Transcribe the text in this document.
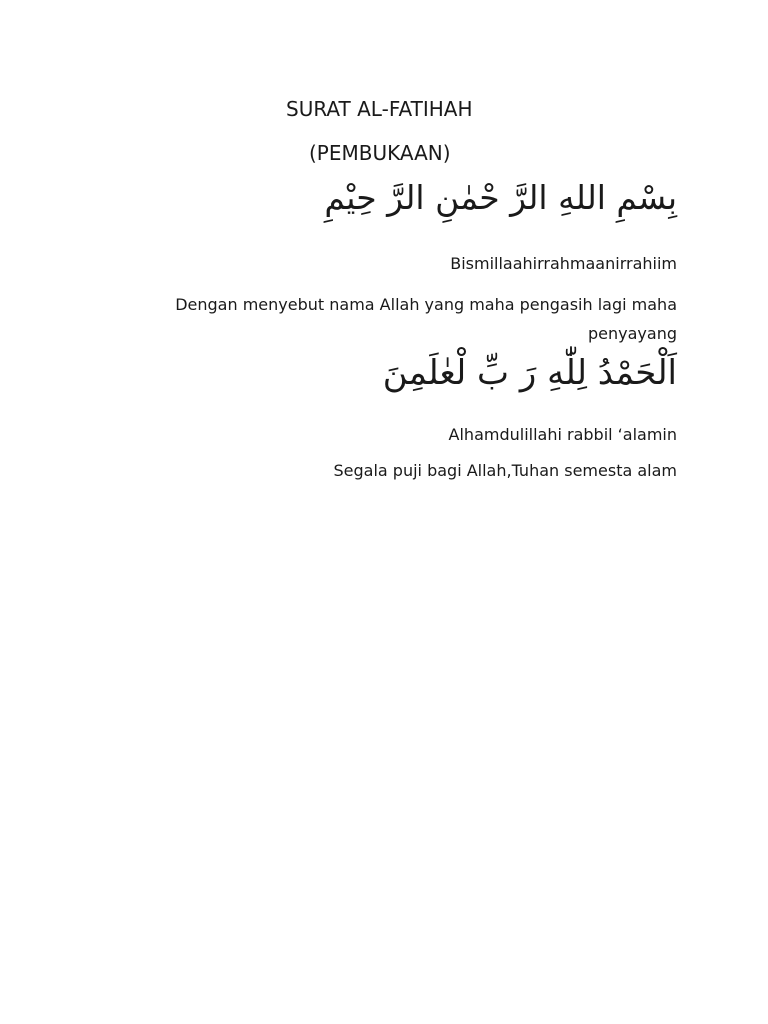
SURAT AL-FATIHAH
(PEMBUKAAN)
بِسْمِ اللهِ الرَّ حْمٰنِ الرَّ حِيْمِ
Bismillaahirrahmaanirrahiim
Dengan menyebut nama Allah yang maha pengasih lagi maha penyayang
اَلْحَمْدُ لِلّٰهِ رَ بِّ لْعٰلَمِنَ
Alhamdulillahi rabbil ‘alamin
Segala puji bagi Allah,Tuhan semesta alam
